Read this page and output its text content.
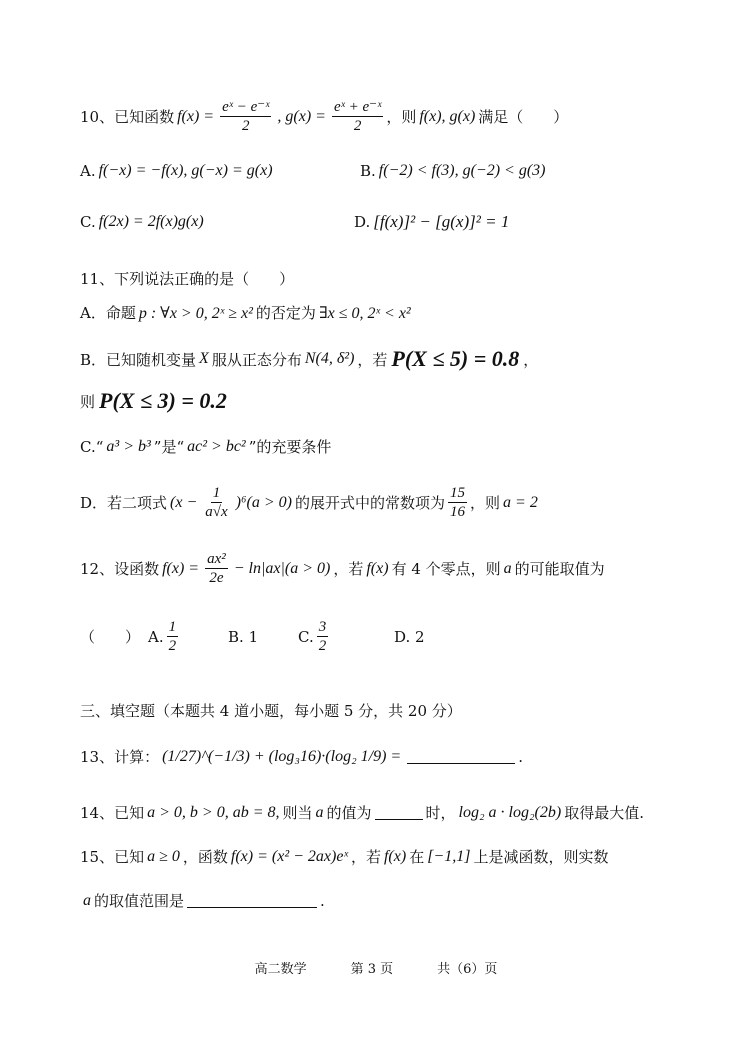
10、已知函数 $f(x) = \frac{\text{eˣ − e⁻ˣ}}{2}$ , $g(x) = \frac{\text{eˣ + e⁻ˣ}}{2}$ ，则 f(x), g(x) 满足（　　）
A. f(−x) = −f(x), g(−x) = g(x)	B. f(−2) < f(3), g(−2) < g(3)
C. f(2x) = 2f(x)g(x)	D. [f(x)]² − [g(x)]² = 1
11、下列说法正确的是（　　）
A．命题 p : ∀x > 0, 2ˣ ≥ x² 的否定为 ∃x ≤ 0, 2ˣ < x²
B．已知随机变量 X 服从正态分布 N(4, δ²) ，若 P(X ≤ 5) = 0.8 ，
则 P(X ≤ 3) = 0.2
C.“ a³ > b³ ”是“ ac² > bc² ”的充要条件
D．若二项式 $(x - \frac{1}{a√x} )^6(a > 0)$ 的展开式中的常数项为 $\frac{15}{16}$ ，则 a = 2
12、设函数 $f(x) = \frac{\text{ax²}}{2e} - \ln|ax|(a > 0)$ ，若 f(x) 有 4 个零点，则 a 的可能取值为
（　　） A. $\frac{1}{2}$	B. 1	C. $\frac{3}{2}$	D. 2
三、填空题（本题共 4 道小题，每小题 5 分，共 20 分）
13、计算： (1/27)^(−1/3) + (log₃16)·(log₂ 1/9) =	.
14、已知 a > 0, b > 0, ab = 8, 则当 a 的值为	时， log₂ a · log₂(2b) 取得最大值.
15、已知 a ≥ 0 ，函数 f(x) = (x² − 2ax)eˣ ，若 f(x) 在 [−1,1] 上是减函数，则实数
a 的取值范围是	.
高二数学	第 3 页	共（6）页
